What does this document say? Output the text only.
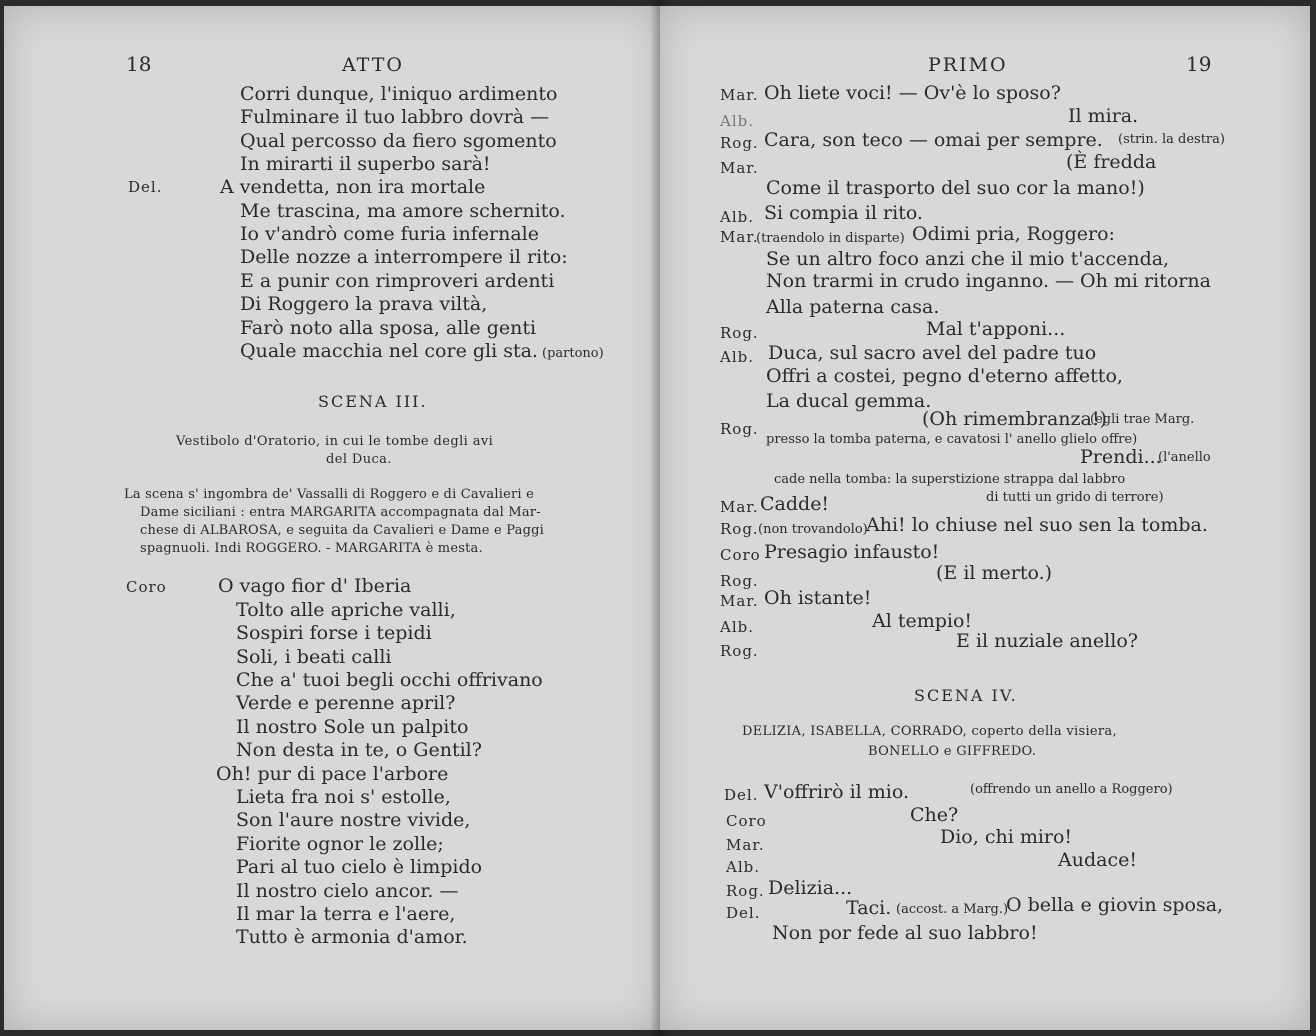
18	ATTO
Corri dunque, l'iniquo ardimento
Fulminare il tuo labbro dovrà —
Qual percosso da fiero sgomento
In mirarti il superbo sarà!
Del.	A vendetta, non ira mortale
Me trascina, ma amore schernito.
Io v'andrò come furia infernale
Delle nozze a interrompere il rito:
E a punir con rimproveri ardenti
Di Roggero la prava viltà,
Farò noto alla sposa, alle genti
Quale macchia nel core gli sta. (partono)
SCENA III.
Vestibolo d'Oratorio, in cui le tombe degli avi
del Duca.
La scena s' ingombra de' Vassalli di Roggero e di Cavalieri e
Dame siciliani : entra MARGARITA accompagnata dal Mar-
chese di ALBAROSA, e seguita da Cavalieri e Dame e Paggi
spagnuoli. Indi ROGGERO. - MARGARITA è mesta.
Coro	O vago fior d' Iberia
Tolto alle apriche valli,
Sospiri forse i tepidi
Soli, i beati calli
Che a' tuoi begli occhi offrivano
Verde e perenne april?
Il nostro Sole un palpito
Non desta in te, o Gentil?
Oh! pur di pace l'arbore
Lieta fra noi s' estolle,
Son l'aure nostre vivide,
Fiorite ognor le zolle;
Pari al tuo cielo è limpido
Il nostro cielo ancor. —
Il mar la terra e l'aere,
Tutto è armonia d'amor.
PRIMO	19
Mar. Oh liete voci! — Ov'è lo sposo?
Alb.	Il mira.
Rog. Cara, son teco — omai per sempre. (strin. la destra)
Mar.	(È fredda
Come il trasporto del suo cor la mano!)
Alb. Si compia il rito.
Mar.
(traendolo in disparte) Odimi pria, Roggero:
Se un altro foco anzi che il mio t'accenda,
Non trarmi in crudo inganno. — Oh mi ritorna
Alla paterna casa.
Rog.	Mal t'apponi...
Alb. Duca, sul sacro avel del padre tuo
Offri a costei, pegno d'eterno affetto,
La ducal gemma.
Rog.	(Oh rimembranza!)
(egli trae Marg.
presso la tomba paterna, e cavatosi l' anello glielo offre)
Prendi...
(l'anello
cade nella tomba: la superstizione strappa dal labbro
Mar. Cadde!	di tutti un grido di terrore)
Rog. (non trovandolo)
Ahi! lo chiuse nel suo sen la tomba.
Coro Presagio infausto!
Rog.	(E il merto.)
Mar. Oh istante!
Alb.	Al tempio!
Rog.	E il nuziale anello?
SCENA IV.
DELIZIA, ISABELLA, CORRADO, coperto della visiera,
BONELLO e GIFFREDO.
Del. V'offrirò il mio.	(offrendo un anello a Roggero)
Coro	Che?
Mar.	Dio, chi miro!
Alb.	Audace!
Rog. Delizia...
Del.	Taci. (accost. a Marg.)
O bella e giovin sposa,
Non por fede al suo labbro!
